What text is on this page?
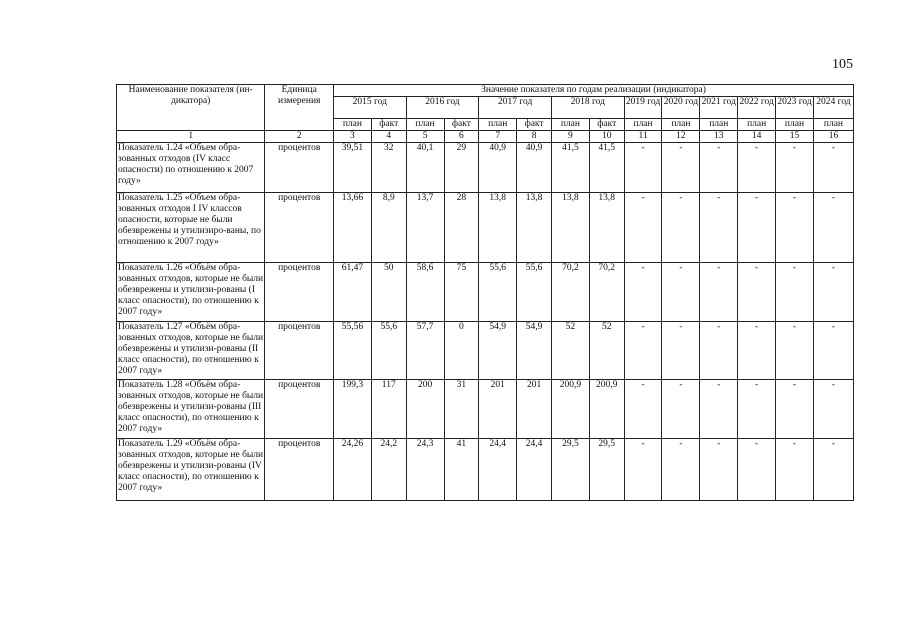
105
Наименование показателя (ин-дикатора)	Единица измерения	Значение показателя по годам реализации (индикатора)													
		2015 год		2016 год		2017 год		2018 год		2019 год	2020 год	2021 год	2022 год	2023 год	2024 год
		план	факт	план	факт	план	факт	план	факт	план	план	план	план	план	план
1	2	3	4	5	6	7	8	9	10	11	12	13	14	15	16
Показатель 1.24 «Объем обра-зованных отходов (IV класс опасности) по отношению к 2007 году»	процентов	39,51	32	40,1	29	40,9	40,9	41,5	41,5	-	-	-	-	-	-
Показатель 1.25 «Объем обра-зованных отходов I IV классов опасности, которые не были обезврежены и утилизиро-ваны, по отношению к 2007 году»	процентов	13,66	8,9	13,7	28	13,8	13,8	13,8	13,8	-	-	-	-	-	-
Показатель 1.26 «Объём обра-зованных отходов, которые не были обезврежены и утилизи-рованы (I класс опасности), по отношению к 2007 году»	процентов	61,47	50	58,6	75	55,6	55,6	70,2	70,2	-	-	-	-	-	-
Показатель 1.27 «Объём обра-зованных отходов, которые не были обезврежены и утилизи-рованы (II класс опасности), по отношению к 2007 году»	процентов	55,56	55,6	57,7	0	54,9	54,9	52	52	-	-	-	-	-	-
Показатель 1.28 «Объём обра-зованных отходов, которые не были обезврежены и утилизи-рованы (III класс опасности), по отношению к 2007 году»	процентов	199,3	117	200	31	201	201	200,9	200,9	-	-	-	-	-	-
Показатель 1.29 «Объём обра-зованных отходов, которые не были обезврежены и утилизи-рованы (IV класс опасности), по отношению к 2007 году»	процентов	24,26	24,2	24,3	41	24,4	24,4	29,5	29,5	-	-	-	-	-	-
